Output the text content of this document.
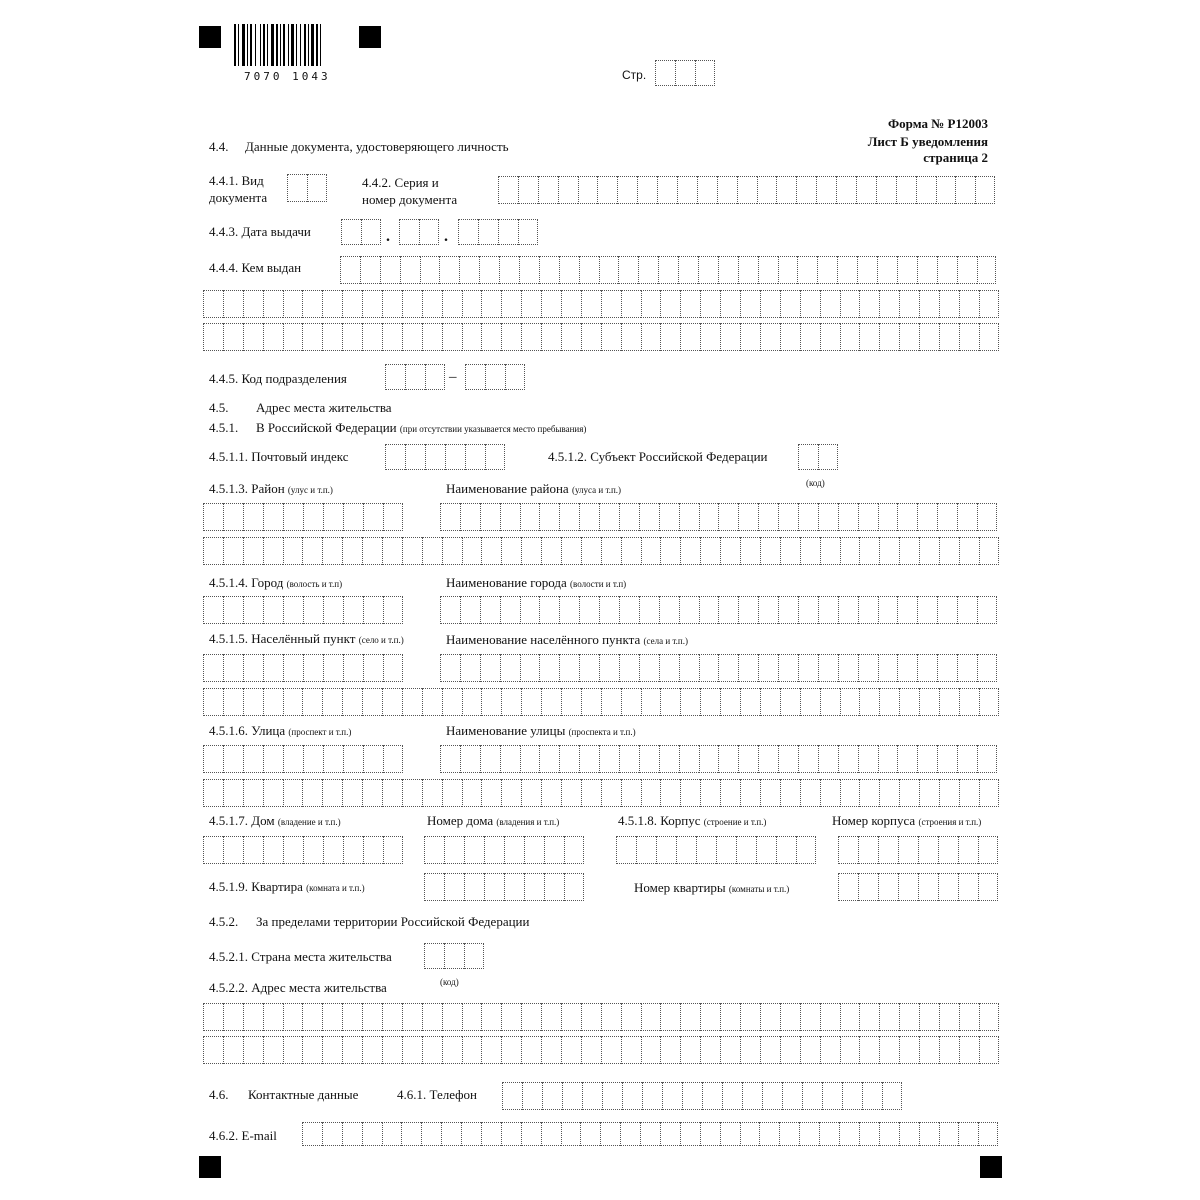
7070 1043	Стр.
Форма № Р12003
Лист Б уведомления
страница 2
4.4. Данные документа, удостоверяющего личность
4.4.1. Вид
документа
4.4.2. Серия и
номер документа
4.4.3. Дата выдачи	.	.
4.4.4. Кем выдан
4.4.5. Код подразделения	–
4.5. Адрес места жительства
4.5.1. В Российской Федерации (при отсутствии указывается место пребывания)
4.5.1.1. Почтовый индекс	4.5.1.2. Субъект Российской Федерации
(код)
4.5.1.3. Район (улус и т.п.)	Наименование района (улуса и т.п.)
4.5.1.4. Город (волость и т.п)	Наименование города (волости и т.п)
4.5.1.5. Населённый пункт (село и т.п.)	Наименование населённого пункта (села и т.п.)
4.5.1.6. Улица (проспект и т.п.)	Наименование улицы (проспекта и т.п.)
4.5.1.7. Дом (владение и т.п.)	Номер дома (владения и т.п.)	4.5.1.8. Корпус (строение и т.п.)	Номер корпуса (строения и т.п.)
4.5.1.9. Квартира (комната и т.п.)	Номер квартиры (комнаты и т.п.)
4.5.2. За пределами территории Российской Федерации
4.5.2.1. Страна места жительства
(код)
4.5.2.2. Адрес места жительства
4.6. Контактные данные	4.6.1. Телефон
4.6.2. E-mail
